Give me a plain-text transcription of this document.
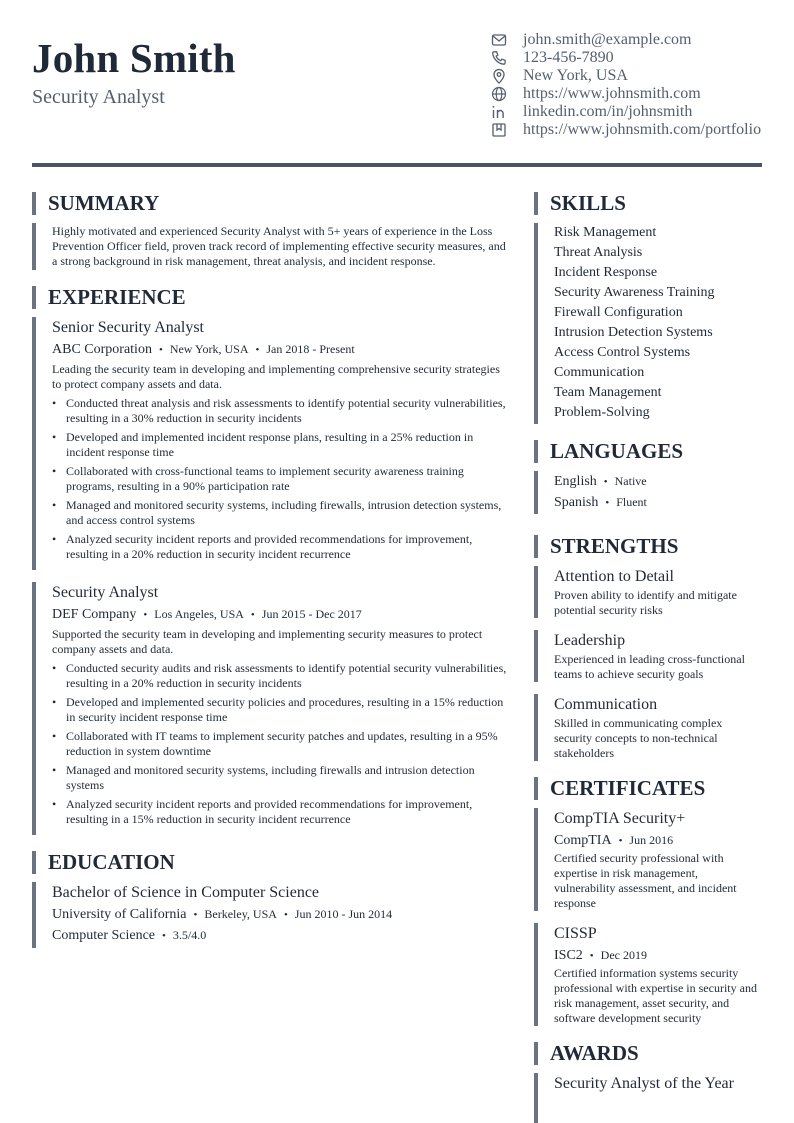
John Smith
Security Analyst
john.smith@example.com
123-456-7890
New York, USA
https://www.johnsmith.com
linkedin.com/in/johnsmith
https://www.johnsmith.com/portfolio
SUMMARY
Highly motivated and experienced Security Analyst with 5+ years of experience in the Loss Prevention Officer field, proven track record of implementing effective security measures, and a strong background in risk management, threat analysis, and incident response.
EXPERIENCE
Senior Security Analyst
ABC Corporation • New York, USA • Jan 2018 - Present
Leading the security team in developing and implementing comprehensive security strategies to protect company assets and data.
• Conducted threat analysis and risk assessments to identify potential security vulnerabilities, resulting in a 30% reduction in security incidents
• Developed and implemented incident response plans, resulting in a 25% reduction in incident response time
• Collaborated with cross-functional teams to implement security awareness training programs, resulting in a 90% participation rate
• Managed and monitored security systems, including firewalls, intrusion detection systems, and access control systems
• Analyzed security incident reports and provided recommendations for improvement, resulting in a 20% reduction in security incident recurrence
Security Analyst
DEF Company • Los Angeles, USA • Jun 2015 - Dec 2017
Supported the security team in developing and implementing security measures to protect company assets and data.
• Conducted security audits and risk assessments to identify potential security vulnerabilities, resulting in a 20% reduction in security incidents
• Developed and implemented security policies and procedures, resulting in a 15% reduction in security incident response time
• Collaborated with IT teams to implement security patches and updates, resulting in a 95% reduction in system downtime
• Managed and monitored security systems, including firewalls and intrusion detection systems
• Analyzed security incident reports and provided recommendations for improvement, resulting in a 15% reduction in security incident recurrence
EDUCATION
Bachelor of Science in Computer Science
University of California • Berkeley, USA • Jun 2010 - Jun 2014
Computer Science • 3.5/4.0
SKILLS
Risk Management
Threat Analysis
Incident Response
Security Awareness Training
Firewall Configuration
Intrusion Detection Systems
Access Control Systems
Communication
Team Management
Problem-Solving
LANGUAGES
English • Native
Spanish • Fluent
STRENGTHS
Attention to Detail
Proven ability to identify and mitigate potential security risks
Leadership
Experienced in leading cross-functional teams to achieve security goals
Communication
Skilled in communicating complex security concepts to non-technical stakeholders
CERTIFICATES
CompTIA Security+
CompTIA • Jun 2016
Certified security professional with expertise in risk management, vulnerability assessment, and incident response
CISSP
ISC2 • Dec 2019
Certified information systems security professional with expertise in security and risk management, asset security, and software development security
AWARDS
Security Analyst of the Year
